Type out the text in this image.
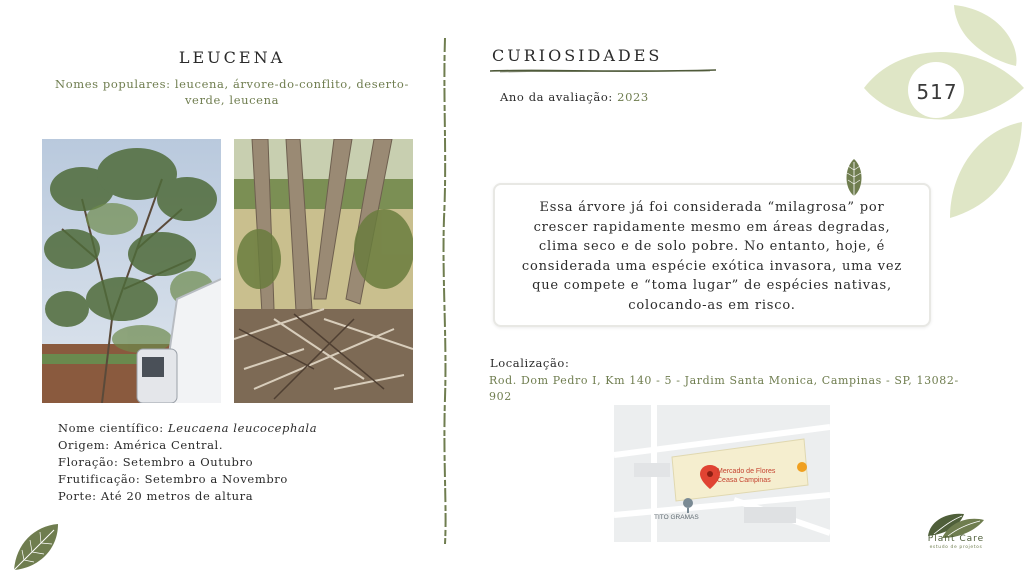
LEUCENA
Nomes populares: leucena, árvore-do-conflito, deserto-verde, leucena
Nome científico: Leucaena leucocephala
Origem: América Central.
Floração: Setembro a Outubro
Frutificação: Setembro a Novembro
Porte: Até 20 metros de altura
CURIOSIDADES
Ano da avaliação: 2023
Essa árvore já foi considerada “milagrosa” por crescer rapidamente mesmo em áreas degradas, clima seco e de solo pobre. No entanto, hoje, é considerada uma espécie exótica invasora, uma vez que compete e “toma lugar” de espécies nativas, colocando-as em risco.
Localização:
Rod. Dom Pedro I, Km 140 - 5 - Jardim Santa Monica, Campinas - SP, 13082-902
Mercado de Flores
Ceasa Campinas
TITO GRAMAS
517
Plant Care
estudo de projetos
